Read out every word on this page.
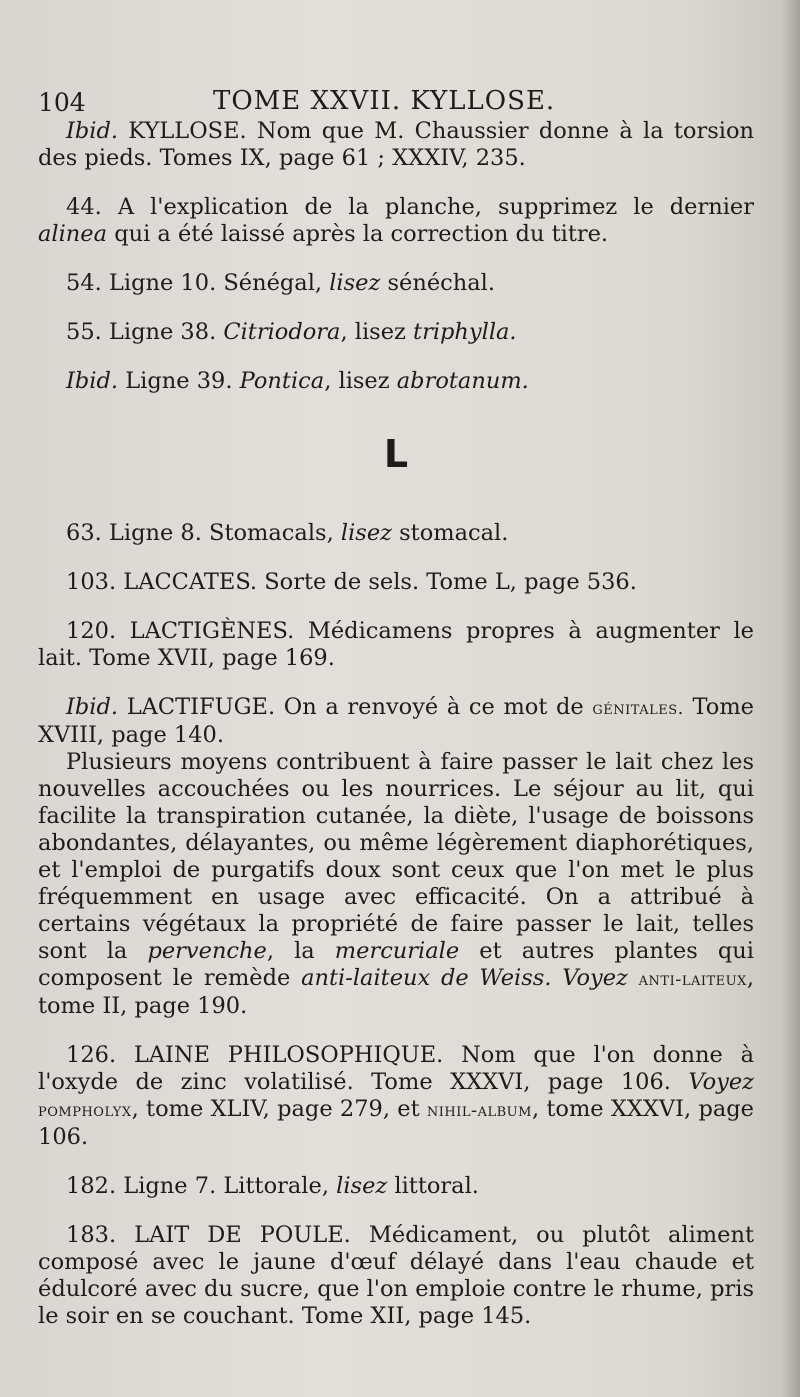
104	TOME XXVII. KYLLOSE.

Ibid. KYLLOSE. Nom que M. Chaussier donne à la torsion des pieds. Tomes IX, page 61 ; XXXIV, 235.

44. A l'explication de la planche, supprimez le dernier alinea qui a été laissé après la correction du titre.

54. Ligne 10. Sénégal, lisez sénéchal.

55. Ligne 38. Citriodora, lisez triphylla.

Ibid. Ligne 39. Pontica, lisez abrotanum.

L

63. Ligne 8. Stomacals, lisez stomacal.

103. LACCATES. Sorte de sels. Tome L, page 536.

120. LACTIGÈNES. Médicamens propres à augmenter le lait. Tome XVII, page 169.

Ibid. LACTIFUGE. On a renvoyé à ce mot de génitales. Tome XVIII, page 140.

Plusieurs moyens contribuent à faire passer le lait chez les nouvelles accouchées ou les nourrices. Le séjour au lit, qui facilite la transpiration cutanée, la diète, l'usage de boissons abondantes, délayantes, ou même légèrement diaphorétiques, et l'emploi de purgatifs doux sont ceux que l'on met le plus fréquemment en usage avec efficacité. On a attribué à certains végétaux la propriété de faire passer le lait, telles sont la pervenche, la mercuriale et autres plantes qui composent le remède anti-laiteux de Weiss. Voyez anti-laiteux, tome II, page 190.

126. LAINE PHILOSOPHIQUE. Nom que l'on donne à l'oxyde de zinc volatilisé. Tome XXXVI, page 106. Voyez pompholyx, tome XLIV, page 279, et nihil-album, tome XXXVI, page 106.

182. Ligne 7. Littorale, lisez littoral.

183. LAIT DE POULE. Médicament, ou plutôt aliment composé avec le jaune d'œuf délayé dans l'eau chaude et édulcoré avec du sucre, que l'on emploie contre le rhume, pris le soir en se couchant. Tome XII, page 145.
